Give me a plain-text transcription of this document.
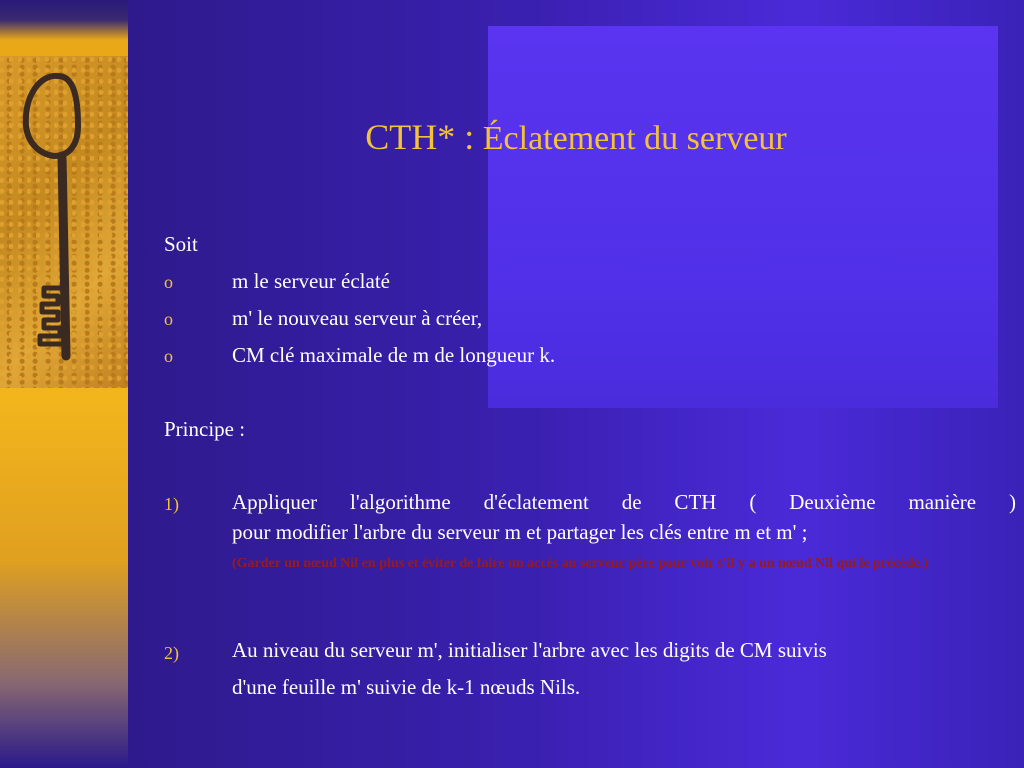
CTH* : Éclatement du serveur
Soit
o	m le serveur éclaté
o	m' le nouveau serveur à créer,
o	CM clé maximale de m de longueur k.
Principe :
1)	Appliquer l'algorithme d'éclatement de CTH ( Deuxième manière )
pour modifier l'arbre du serveur m et partager les clés entre m et m' ;
(Garder un nœud Nil en plus et éviter de faire un accès au serveur père pour voir s'il y a un nœud Nil qui le précède.)
2)	Au niveau du serveur m', initialiser l'arbre avec les digits de CM suivis
d'une feuille m' suivie de k-1 nœuds Nils.
